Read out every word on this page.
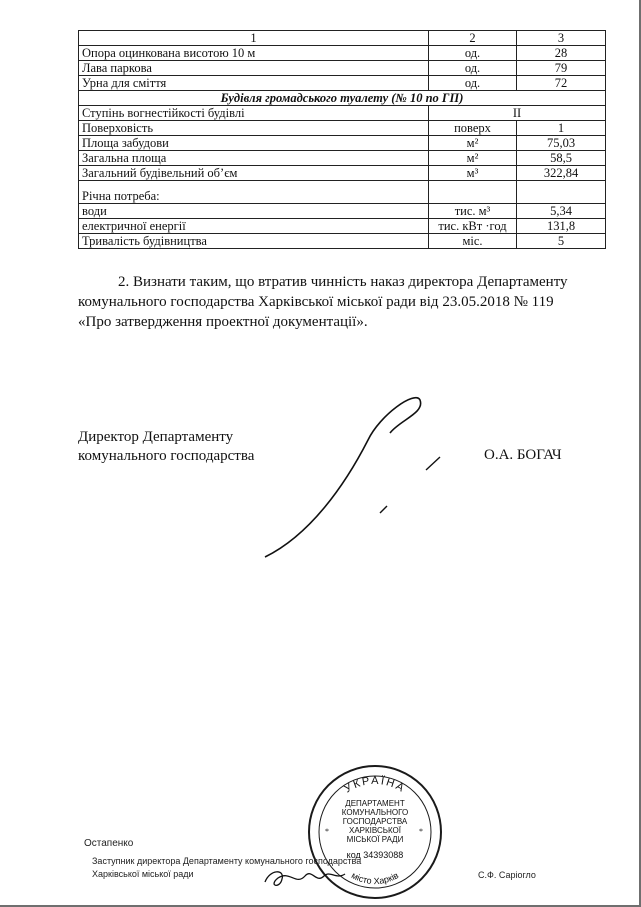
1	2	3
Опора оцинкована висотою 10 м	од.	28
Лава паркова	од.	79
Урна для сміття	од.	72
Будівля громадського туалету (№ 10 по ГП)		
Ступінь вогнестійкості будівлі	ІІ	
Поверховість	поверх	1
Площа забудови	м²	75,03
Загальна площа	м²	58,5
Загальний будівельний об’єм	м³	322,84
Річна потреба:		
води	тис. м³	5,34
електричної енергії	тис. кВт ·год	131,8
Тривалість будівництва	міс.	5
2. Визнати таким, що втратив чинність наказ директора Департаменту
комунального господарства Харківської міської ради від 23.05.2018 № 119
«Про затвердження проектної документації».
Директор Департаменту
комунального господарства	О.А. БОГАЧ
УКРАЇНА
місто Харків
ДЕПАРТАМЕНТ
КОМУНАЛЬНОГО
ГОСПОДАРСТВА
ХАРКІВСЬКОЇ
МІСЬКОЇ РАДИ
код 34393088
*	*
Остапенко
Заступник директора Департаменту комунального господарства
Харківської міської ради	С.Ф. Сарiогло
